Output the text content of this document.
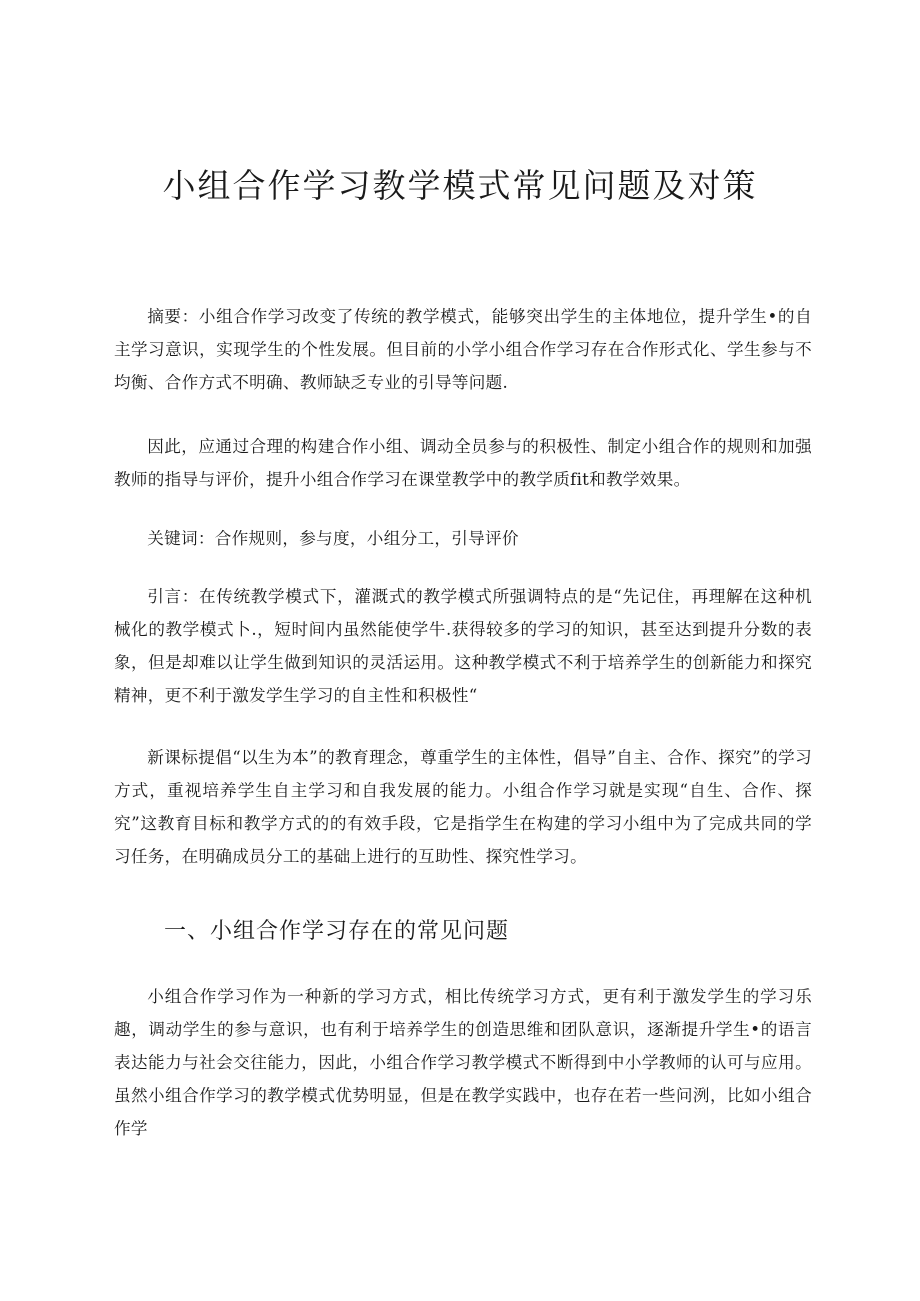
小组合作学习教学模式常见问题及对策

摘要：小组合作学习改变了传统的教学模式，能够突出学生的主体地位，提升学生•的自主学习意识，实现学生的个性发展。但目前的小学小组合作学习存在合作形式化、学生参与不均衡、合作方式不明确、教师缺乏专业的引导等问题.

因此，应通过合理的构建合作小组、调动全员参与的积极性、制定小组合作的规则和加强教师的指导与评价，提升小组合作学习在课堂教学中的教学质fit和教学效果。

关键词：合作规则，参与度，小组分工，引导评价

引言：在传统教学模式下，灌溉式的教学模式所强调特点的是“先记住，再理解在这种机械化的教学模式卜.，短时间内虽然能使学牛.获得较多的学习的知识，甚至达到提升分数的表象，但是却难以让学生做到知识的灵活运用。这种教学模式不利于培养学生的创新能力和探究精神，更不利于激发学生学习的自主性和积极性“

新课标提倡“以生为本”的教育理念，尊重学生的主体性，倡导”自主、合作、探究”的学习方式，重视培养学生自主学习和自我发展的能力。小组合作学习就是实现“自生、合作、探究”这教育目标和教学方式的的有效手段，它是指学生在构建的学习小组中为了完成共同的学习任务，在明确成员分工的基础上进行的互助性、探究性学习。

一、小组合作学习存在的常见问题

小组合作学习作为一种新的学习方式，相比传统学习方式，更有利于激发学生的学习乐趣，调动学生的参与意识，也有利于培养学生的创造思维和团队意识，逐渐提升学生•的语言表达能力与社会交往能力，因此，小组合作学习教学模式不断得到中小学教师的认可与应用。虽然小组合作学习的教学模式优势明显，但是在教学实践中，也存在若一些问洌，比如小组合作学
